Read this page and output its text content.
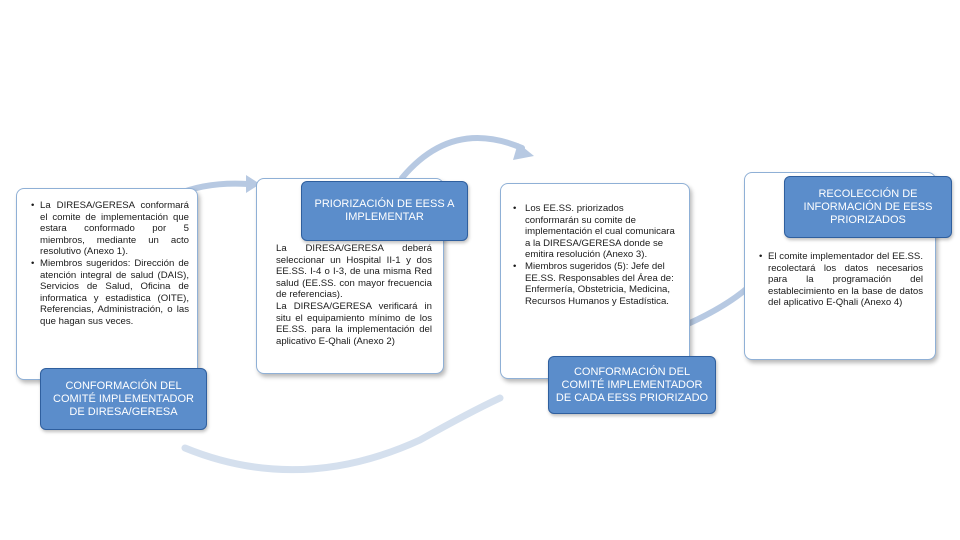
• La DIRESA/GERESA conformará el comite de implementación que estara conformado por 5 miembros, mediante un acto resolutivo (Anexo 1).
• Miembros sugeridos: Dirección de atención integral de salud (DAIS), Servicios de Salud, Oficina de informatica y estadistica (OITE), Referencias, Administración, o las que hagan sus veces.
CONFORMACIÓN DEL COMITÉ IMPLEMENTADOR DE DIRESA/GERESA
PRIORIZACIÓN DE EESS A IMPLEMENTAR
La DIRESA/GERESA deberá seleccionar un Hospital II-1 y dos EE.SS. I-4 o I-3, de una misma Red salud (EE.SS. con mayor frecuencia de referencias).
La DIRESA/GERESA verificará in situ el equipamiento mínimo de los EE.SS. para la implementación del aplicativo E-Qhali (Anexo 2)
• Los EE.SS. priorizados conformarán su comite de implementación el cual comunicara a la DIRESA/GERESA donde se emitira resolución (Anexo 3).
• Miembros sugeridos (5): Jefe del EE.SS. Responsables del Área de: Enfermería, Obstetricia, Medicina, Recursos Humanos y Estadística.
CONFORMACIÓN DEL COMITÉ IMPLEMENTADOR DE CADA EESS PRIORIZADO
• El comite implementador del EE.SS. recolectará los datos necesarios para la programación del establecimiento en la base de datos del aplicativo E-Qhali (Anexo 4)
RECOLECCIÓN DE INFORMACIÓN DE EESS PRIORIZADOS
